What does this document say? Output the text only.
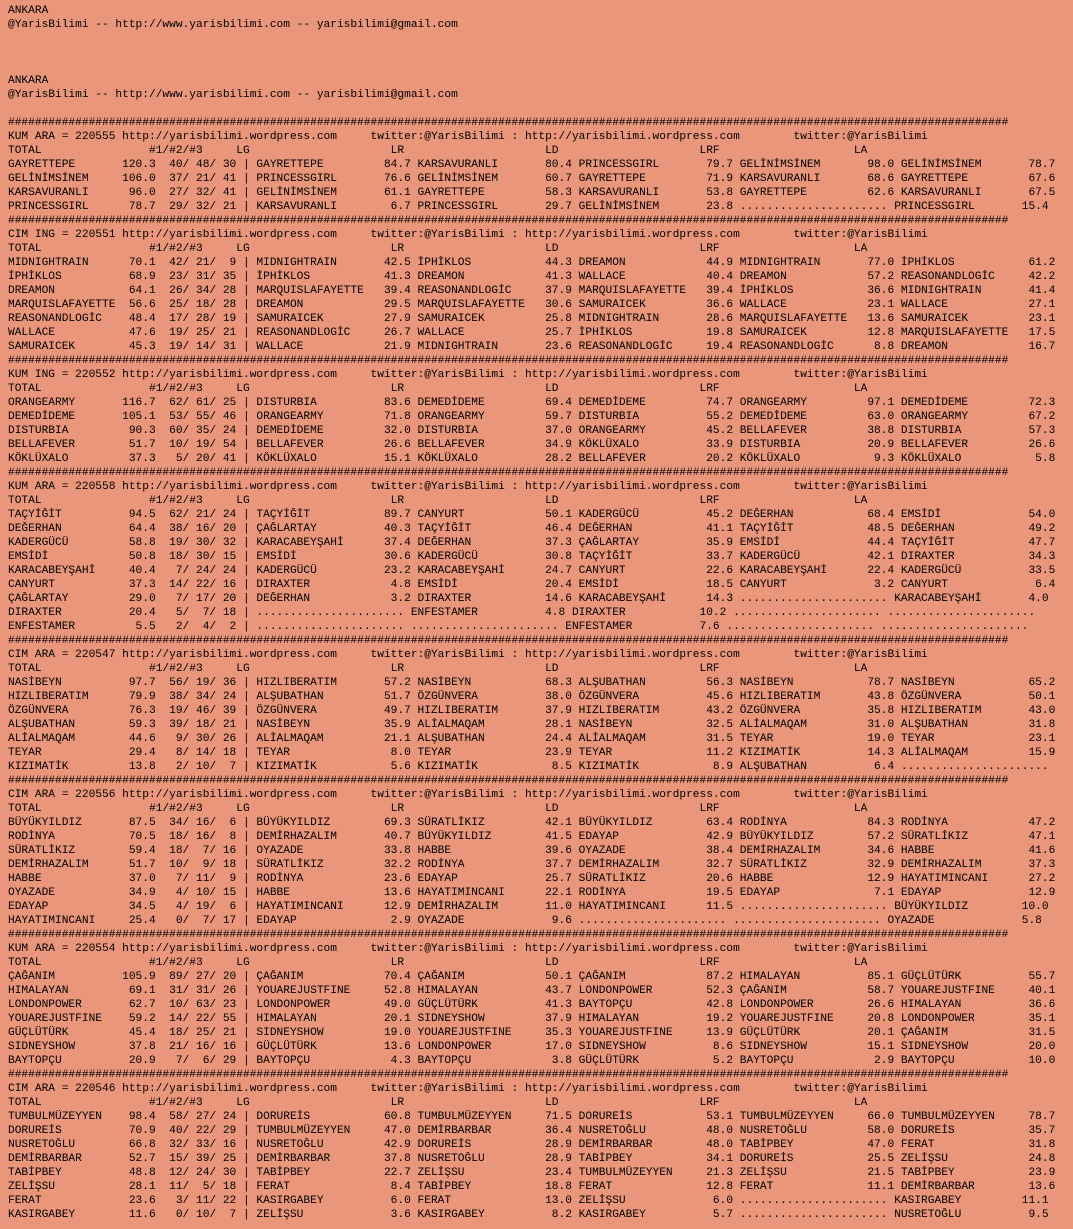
ANKARA
@YarisBilimi -- http://www.yarisbilimi.com -- yarisbilimi@gmail.com
ANKARA
@YarisBilimi -- http://www.yarisbilimi.com -- yarisbilimi@gmail.com
#####################################################################################################################################################
KUM ARA = 220555 http://yarisbilimi.wordpress.com     twitter:@YarisBilimi : http://yarisbilimi.wordpress.com        twitter:@YarisBilimi
TOTAL                #1/#2/#3     LG                     LR                     LD                     LRF                    LA
GAYRETTEPE       120.3  40/ 48/ 30 | GAYRETTEPE         84.7 KARSAVURANLI       80.4 PRINCESSGIRL       79.7 GELİNİMSİNEM       98.0 GELİNİMSİNEM       78.7
GELİNİMSİNEM     106.0  37/ 21/ 41 | PRINCESSGIRL       76.6 GELİNİMSİNEM       60.7 GAYRETTEPE         71.9 KARSAVURANLI       68.6 GAYRETTEPE         67.6
KARSAVURANLI      96.0  27/ 32/ 41 | GELİNİMSİNEM       61.1 GAYRETTEPE         58.3 KARSAVURANLI       53.8 GAYRETTEPE         62.6 KARSAVURANLI       67.5
PRINCESSGIRL      78.7  29/ 32/ 21 | KARSAVURANLI        6.7 PRINCESSGIRL       29.7 GELİNİMSİNEM       23.8 ...................... PRINCESSGIRL       15.4
#####################################################################################################################################################
CIM ING = 220551 http://yarisbilimi.wordpress.com     twitter:@YarisBilimi : http://yarisbilimi.wordpress.com        twitter:@YarisBilimi
TOTAL                #1/#2/#3     LG                     LR                     LD                     LRF                    LA
MIDNIGHTRAIN      70.1  42/ 21/  9 | MIDNIGHTRAIN       42.5 İPHİKLOS           44.3 DREAMON            44.9 MIDNIGHTRAIN       77.0 İPHİKLOS           61.2
İPHİKLOS          68.9  23/ 31/ 35 | İPHİKLOS           41.3 DREAMON            41.3 WALLACE            40.4 DREAMON            57.2 REASONANDLOGİC     42.2
DREAMON           64.1  26/ 34/ 28 | MARQUISLAFAYETTE   39.4 REASONANDLOGİC     37.9 MARQUISLAFAYETTE   39.4 İPHİKLOS           36.6 MIDNIGHTRAIN       41.4
MARQUISLAFAYETTE  56.6  25/ 18/ 28 | DREAMON            29.5 MARQUISLAFAYETTE   30.6 SAMURAICEK         36.6 WALLACE            23.1 WALLACE            27.1
REASONANDLOGİC    48.4  17/ 28/ 19 | SAMURAICEK         27.9 SAMURAICEK         25.8 MIDNIGHTRAIN       28.6 MARQUISLAFAYETTE   13.6 SAMURAICEK         23.1
WALLACE           47.6  19/ 25/ 21 | REASONANDLOGİC     26.7 WALLACE            25.7 İPHİKLOS           19.8 SAMURAICEK         12.8 MARQUISLAFAYETTE   17.5
SAMURAICEK        45.3  19/ 14/ 31 | WALLACE            21.9 MIDNIGHTRAIN       23.6 REASONANDLOGİC     19.4 REASONANDLOGİC      8.8 DREAMON            16.7
#####################################################################################################################################################
KUM ING = 220552 http://yarisbilimi.wordpress.com     twitter:@YarisBilimi : http://yarisbilimi.wordpress.com        twitter:@YarisBilimi
TOTAL                #1/#2/#3     LG                     LR                     LD                     LRF                    LA
ORANGEARMY       116.7  62/ 61/ 25 | DISTURBIA          83.6 DEMEDİDEME         69.4 DEMEDİDEME         74.7 ORANGEARMY         97.1 DEMEDİDEME         72.3
DEMEDİDEME       105.1  53/ 55/ 46 | ORANGEARMY         71.8 ORANGEARMY         59.7 DISTURBIA          55.2 DEMEDİDEME         63.0 ORANGEARMY         67.2
DISTURBIA         90.3  60/ 35/ 24 | DEMEDİDEME         32.0 DISTURBIA          37.0 ORANGEARMY         45.2 BELLAFEVER         38.8 DISTURBIA          57.3
BELLAFEVER        51.7  10/ 19/ 54 | BELLAFEVER         26.6 BELLAFEVER         34.9 KÖKLÜXALO          33.9 DISTURBIA          20.9 BELLAFEVER         26.6
KÖKLÜXALO         37.3   5/ 20/ 41 | KÖKLÜXALO          15.1 KÖKLÜXALO          28.2 BELLAFEVER         20.2 KÖKLÜXALO           9.3 KÖKLÜXALO           5.8
#####################################################################################################################################################
KUM ARA = 220558 http://yarisbilimi.wordpress.com     twitter:@YarisBilimi : http://yarisbilimi.wordpress.com        twitter:@YarisBilimi
TOTAL                #1/#2/#3     LG                     LR                     LD                     LRF                    LA
TAÇYİĞİT          94.5  62/ 21/ 24 | TAÇYİĞİT           89.7 CANYURT            50.1 KADERGÜCÜ          45.2 DEĞERHAN           68.4 EMSİDİ             54.0
DEĞERHAN          64.4  38/ 16/ 20 | ÇAĞLARTAY          40.3 TAÇYİĞİT           46.4 DEĞERHAN           41.1 TAÇYİĞİT           48.5 DEĞERHAN           49.2
KADERGÜCÜ         58.8  19/ 30/ 32 | KARACABEYŞAHİ      37.4 DEĞERHAN           37.3 ÇAĞLARTAY          35.9 EMSİDİ             44.4 TAÇYİĞİT           47.7
EMSİDİ            50.8  18/ 30/ 15 | EMSİDİ             30.6 KADERGÜCÜ          30.8 TAÇYİĞİT           33.7 KADERGÜCÜ          42.1 DIRAXTER           34.3
KARACABEYŞAHİ     40.4   7/ 24/ 24 | KADERGÜCÜ          23.2 KARACABEYŞAHİ      24.7 CANYURT            22.6 KARACABEYŞAHİ      22.4 KADERGÜCÜ          33.5
CANYURT           37.3  14/ 22/ 16 | DIRAXTER            4.8 EMSİDİ             20.4 EMSİDİ             18.5 CANYURT             3.2 CANYURT             6.4
ÇAĞLARTAY         29.0   7/ 17/ 20 | DEĞERHAN            3.2 DIRAXTER           14.6 KARACABEYŞAHİ      14.3 ...................... KARACABEYŞAHİ       4.0
DIRAXTER          20.4   5/  7/ 18 | ...................... ENFESTAMER          4.8 DIRAXTER           10.2 ...................... ......................
ENFESTAMER         5.5   2/  4/  2 | ...................... ...................... ENFESTAMER          7.6 ...................... ......................
#####################################################################################################################################################
CIM ARA = 220547 http://yarisbilimi.wordpress.com     twitter:@YarisBilimi : http://yarisbilimi.wordpress.com        twitter:@YarisBilimi
TOTAL                #1/#2/#3     LG                     LR                     LD                     LRF                    LA
NASİBEYN          97.7  56/ 19/ 36 | HIZLIBERATIM       57.2 NASİBEYN           68.3 ALŞUBATHAN         56.3 NASİBEYN           78.7 NASİBEYN           65.2
HIZLIBERATIM      79.9  38/ 34/ 24 | ALŞUBATHAN         51.7 ÖZGÜNVERA          38.0 ÖZGÜNVERA          45.6 HIZLIBERATIM       43.8 ÖZGÜNVERA          50.1
ÖZGÜNVERA         76.3  19/ 46/ 39 | ÖZGÜNVERA          49.7 HIZLIBERATIM       37.9 HIZLIBERATIM       43.2 ÖZGÜNVERA          35.8 HIZLIBERATIM       43.0
ALŞUBATHAN        59.3  39/ 18/ 21 | NASİBEYN           35.9 ALİALMAQAM         28.1 NASİBEYN           32.5 ALİALMAQAM         31.0 ALŞUBATHAN         31.8
ALİALMAQAM        44.6   9/ 30/ 26 | ALİALMAQAM         21.1 ALŞUBATHAN         24.4 ALİALMAQAM         31.5 TEYAR              19.0 TEYAR              23.1
TEYAR             29.4   8/ 14/ 18 | TEYAR               8.0 TEYAR              23.9 TEYAR              11.2 KIZIMATİK          14.3 ALİALMAQAM         15.9
KIZIMATİK         13.8   2/ 10/  7 | KIZIMATİK           5.6 KIZIMATİK           8.5 KIZIMATİK           8.9 ALŞUBATHAN          6.4 ......................
#####################################################################################################################################################
CIM ARA = 220556 http://yarisbilimi.wordpress.com     twitter:@YarisBilimi : http://yarisbilimi.wordpress.com        twitter:@YarisBilimi
TOTAL                #1/#2/#3     LG                     LR                     LD                     LRF                    LA
BÜYÜKYILDIZ       87.5  34/ 16/  6 | BÜYÜKYILDIZ        69.3 SÜRATLİKIZ         42.1 BÜYÜKYILDIZ        63.4 RODİNYA            84.3 RODİNYA            47.2
RODİNYA           70.5  18/ 16/  8 | DEMİRHAZALIM       40.7 BÜYÜKYILDIZ        41.5 EDAYAP             42.9 BÜYÜKYILDIZ        57.2 SÜRATLİKIZ         47.1
SÜRATLİKIZ        59.4  18/  7/ 16 | OYAZADE            33.8 HABBE              39.6 OYAZADE            38.4 DEMİRHAZALIM       34.6 HABBE              41.6
DEMİRHAZALIM      51.7  10/  9/ 18 | SÜRATLİKIZ         32.2 RODİNYA            37.7 DEMİRHAZALIM       32.7 SÜRATLİKIZ         32.9 DEMİRHAZALIM       37.3
HABBE             37.0   7/ 11/  9 | RODİNYA            23.6 EDAYAP             25.7 SÜRATLİKIZ         20.6 HABBE              12.9 HAYATIMINCANI      27.2
OYAZADE           34.9   4/ 10/ 15 | HABBE              13.6 HAYATIMINCANI      22.1 RODİNYA            19.5 EDAYAP              7.1 EDAYAP             12.9
EDAYAP            34.5   4/ 19/  6 | HAYATIMINCANI      12.9 DEMİRHAZALIM       11.0 HAYATIMINCANI      11.5 ...................... BÜYÜKYILDIZ        10.0
HAYATIMINCANI     25.4   0/  7/ 17 | EDAYAP              2.9 OYAZADE             9.6 ...................... ...................... OYAZADE             5.8
#####################################################################################################################################################
KUM ARA = 220554 http://yarisbilimi.wordpress.com     twitter:@YarisBilimi : http://yarisbilimi.wordpress.com        twitter:@YarisBilimi
TOTAL                #1/#2/#3     LG                     LR                     LD                     LRF                    LA
ÇAĞANIM          105.9  89/ 27/ 20 | ÇAĞANIM            70.4 ÇAĞANIM            50.1 ÇAĞANIM            87.2 HIMALAYAN          85.1 GÜÇLÜTÜRK          55.7
HIMALAYAN         69.1  31/ 31/ 26 | YOUAREJUSTFINE     52.8 HIMALAYAN          43.7 LONDONPOWER        52.3 ÇAĞANIM            58.7 YOUAREJUSTFINE     40.1
LONDONPOWER       62.7  10/ 63/ 23 | LONDONPOWER        49.0 GÜÇLÜTÜRK          41.3 BAYTOPÇU           42.8 LONDONPOWER        26.6 HIMALAYAN          36.6
YOUAREJUSTFINE    59.2  14/ 22/ 55 | HIMALAYAN          20.1 SIDNEYSHOW         37.9 HIMALAYAN          19.2 YOUAREJUSTFINE     20.8 LONDONPOWER        35.1
GÜÇLÜTÜRK         45.4  18/ 25/ 21 | SIDNEYSHOW         19.0 YOUAREJUSTFINE     35.3 YOUAREJUSTFINE     13.9 GÜÇLÜTÜRK          20.1 ÇAĞANIM            31.5
SIDNEYSHOW        37.8  21/ 16/ 16 | GÜÇLÜTÜRK          13.6 LONDONPOWER        17.0 SIDNEYSHOW          8.6 SIDNEYSHOW         15.1 SIDNEYSHOW         20.0
BAYTOPÇU          20.9   7/  6/ 29 | BAYTOPÇU            4.3 BAYTOPÇU            3.8 GÜÇLÜTÜRK           5.2 BAYTOPÇU            2.9 BAYTOPÇU           10.0
#####################################################################################################################################################
CIM ARA = 220546 http://yarisbilimi.wordpress.com     twitter:@YarisBilimi : http://yarisbilimi.wordpress.com        twitter:@YarisBilimi
TOTAL                #1/#2/#3     LG                     LR                     LD                     LRF                    LA
TUMBULMÜZEYYEN    98.4  58/ 27/ 24 | DORUREİS           60.8 TUMBULMÜZEYYEN     71.5 DORUREİS           53.1 TUMBULMÜZEYYEN     66.0 TUMBULMÜZEYYEN     78.7
DORUREİS          70.9  40/ 22/ 29 | TUMBULMÜZEYYEN     47.0 DEMİRBARBAR        36.4 NUSRETOĞLU         48.0 NUSRETOĞLU         58.0 DORUREİS           35.7
NUSRETOĞLU        66.8  32/ 33/ 16 | NUSRETOĞLU         42.9 DORUREİS           28.9 DEMİRBARBAR        48.0 TABİPBEY           47.0 FERAT              31.8
DEMİRBARBAR       52.7  15/ 39/ 25 | DEMİRBARBAR        37.8 NUSRETOĞLU         28.9 TABİPBEY           34.1 DORUREİS           25.5 ZELİŞSU            24.8
TABİPBEY          48.8  12/ 24/ 30 | TABİPBEY           22.7 ZELİŞSU            23.4 TUMBULMÜZEYYEN     21.3 ZELİŞSU            21.5 TABİPBEY           23.9
ZELİŞSU           28.1  11/  5/ 18 | FERAT               8.4 TABİPBEY           18.8 FERAT              12.8 FERAT              11.1 DEMİRBARBAR        13.6
FERAT             23.6   3/ 11/ 22 | KASIRGABEY          6.0 FERAT              13.0 ZELİŞSU             6.0 ...................... KASIRGABEY         11.1
KASIRGABEY        11.6   0/ 10/  7 | ZELİŞSU             3.6 KASIRGABEY          8.2 KASIRGABEY          5.7 ...................... NUSRETOĞLU          9.5
